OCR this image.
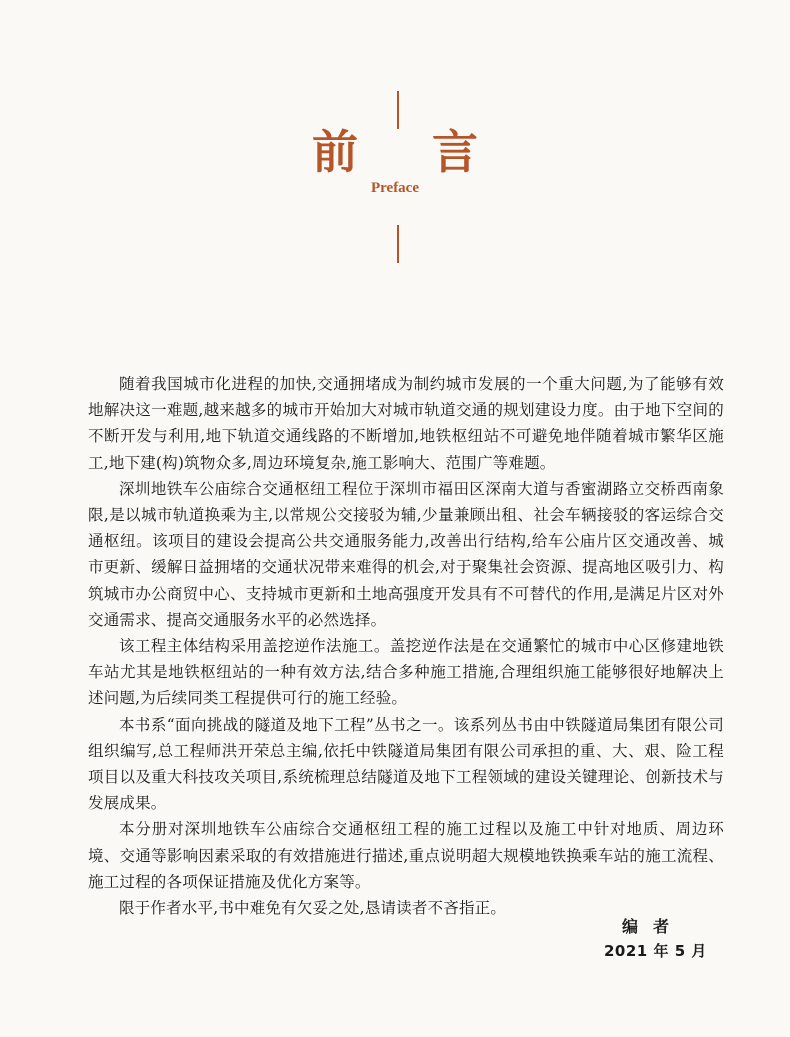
前言
Preface

随着我国城市化进程的加快,交通拥堵成为制约城市发展的一个重大问题,为了能够有效地解决这一难题,越来越多的城市开始加大对城市轨道交通的规划建设力度。由于地下空间的不断开发与利用,地下轨道交通线路的不断增加,地铁枢纽站不可避免地伴随着城市繁华区施工,地下建(构)筑物众多,周边环境复杂,施工影响大、范围广等难题。

深圳地铁车公庙综合交通枢纽工程位于深圳市福田区深南大道与香蜜湖路立交桥西南象限,是以城市轨道换乘为主,以常规公交接驳为辅,少量兼顾出租、社会车辆接驳的客运综合交通枢纽。该项目的建设会提高公共交通服务能力,改善出行结构,给车公庙片区交通改善、城市更新、缓解日益拥堵的交通状况带来难得的机会,对于聚集社会资源、提高地区吸引力、构筑城市办公商贸中心、支持城市更新和土地高强度开发具有不可替代的作用,是满足片区对外交通需求、提高交通服务水平的必然选择。

该工程主体结构采用盖挖逆作法施工。盖挖逆作法是在交通繁忙的城市中心区修建地铁车站尤其是地铁枢纽站的一种有效方法,结合多种施工措施,合理组织施工能够很好地解决上述问题,为后续同类工程提供可行的施工经验。

本书系“面向挑战的隧道及地下工程”丛书之一。该系列丛书由中铁隧道局集团有限公司组织编写,总工程师洪开荣总主编,依托中铁隧道局集团有限公司承担的重、大、艰、险工程项目以及重大科技攻关项目,系统梳理总结隧道及地下工程领域的建设关键理论、创新技术与发展成果。

本分册对深圳地铁车公庙综合交通枢纽工程的施工过程以及施工中针对地质、周边环境、交通等影响因素采取的有效措施进行描述,重点说明超大规模地铁换乘车站的施工流程、施工过程的各项保证措施及优化方案等。

限于作者水平,书中难免有欠妥之处,恳请读者不吝指正。

编者
2021 年 5 月
